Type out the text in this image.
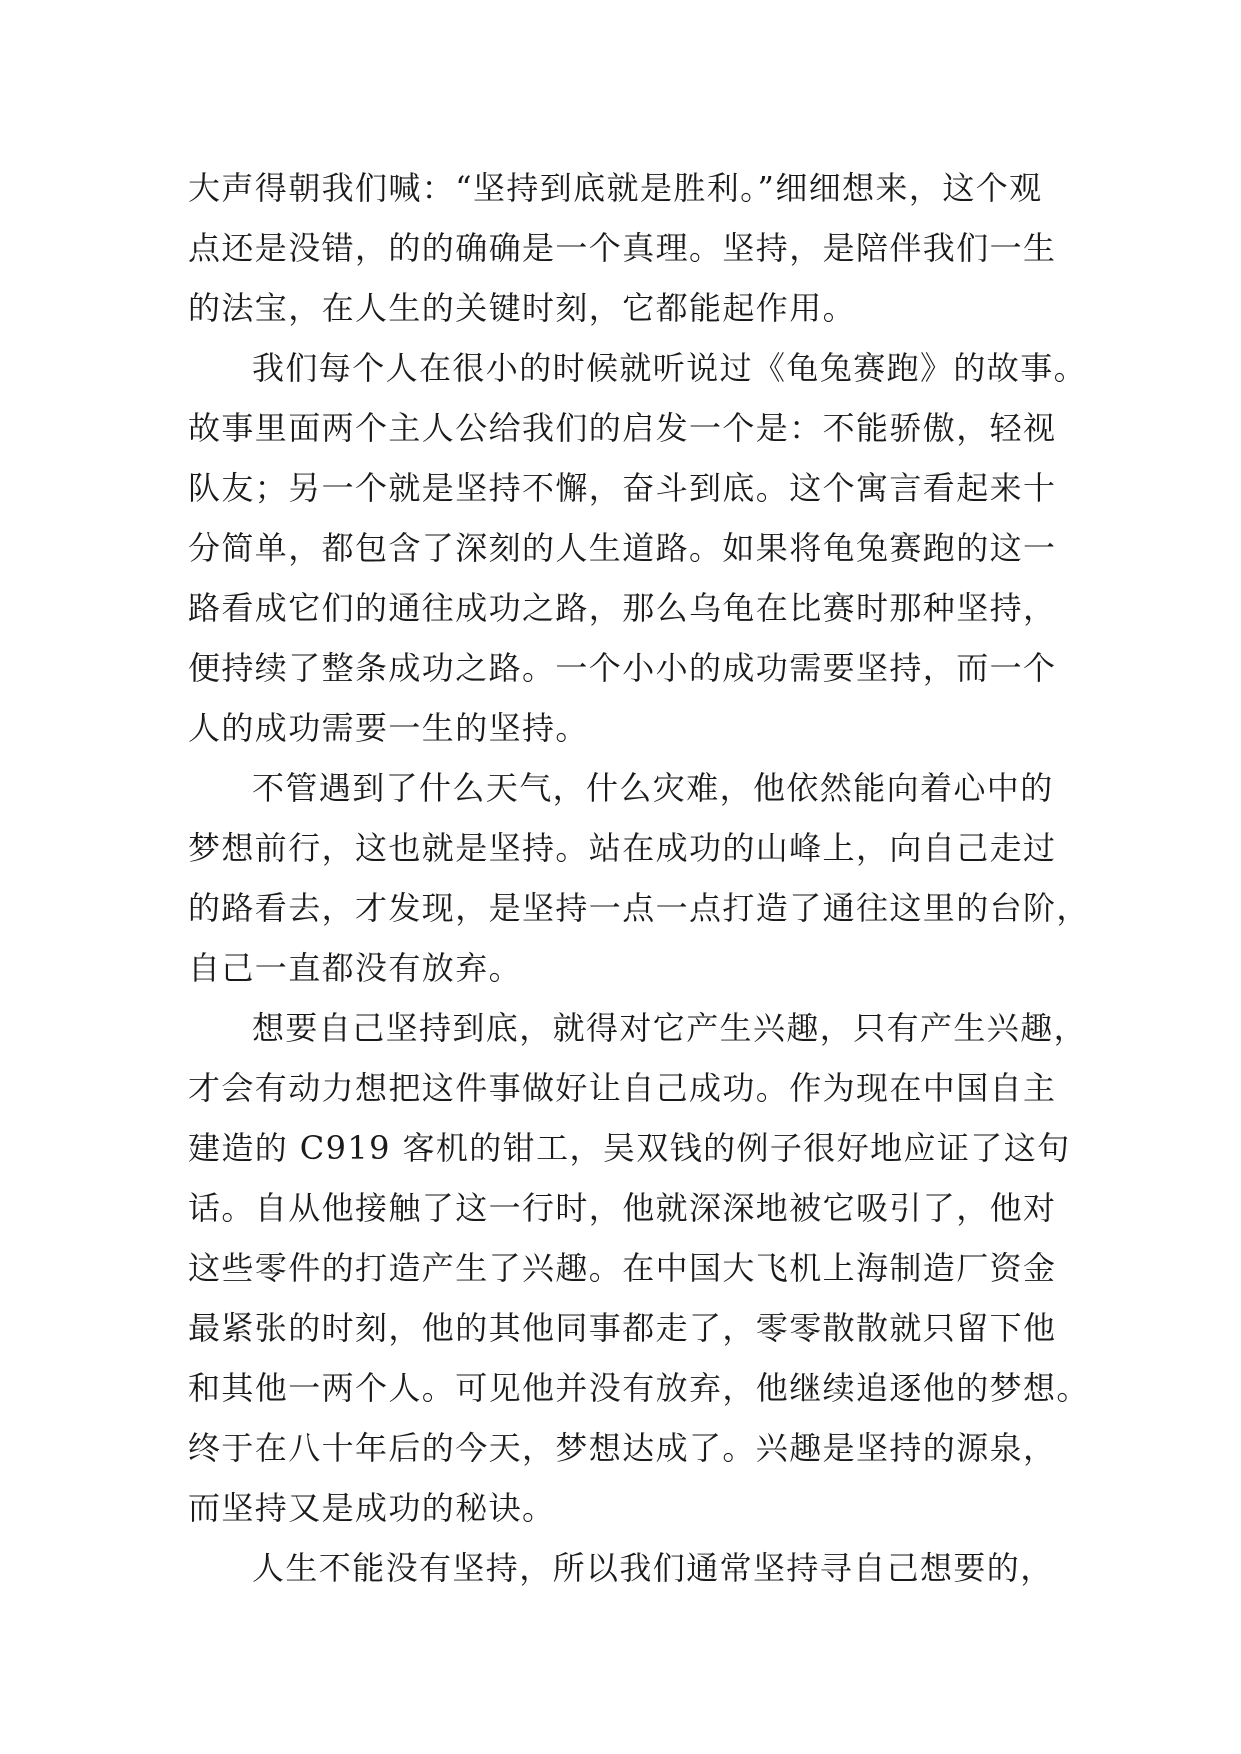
大声得朝我们喊：“坚持到底就是胜利。”细细想来，这个观
点还是没错，的的确确是一个真理。坚持，是陪伴我们一生
的法宝，在人生的关键时刻，它都能起作用。
我们每个人在很小的时候就听说过《龟兔赛跑》的故事。
故事里面两个主人公给我们的启发一个是：不能骄傲，轻视
队友；另一个就是坚持不懈，奋斗到底。这个寓言看起来十
分简单，都包含了深刻的人生道路。如果将龟兔赛跑的这一
路看成它们的通往成功之路，那么乌龟在比赛时那种坚持，
便持续了整条成功之路。一个小小的成功需要坚持，而一个
人的成功需要一生的坚持。
不管遇到了什么天气，什么灾难，他依然能向着心中的
梦想前行，这也就是坚持。站在成功的山峰上，向自己走过
的路看去，才发现，是坚持一点一点打造了通往这里的台阶，
自己一直都没有放弃。
想要自己坚持到底，就得对它产生兴趣，只有产生兴趣，
才会有动力想把这件事做好让自己成功。作为现在中国自主
建造的 C919 客机的钳工，吴双钱的例子很好地应证了这句
话。自从他接触了这一行时，他就深深地被它吸引了，他对
这些零件的打造产生了兴趣。在中国大飞机上海制造厂资金
最紧张的时刻，他的其他同事都走了，零零散散就只留下他
和其他一两个人。可见他并没有放弃，他继续追逐他的梦想。
终于在八十年后的今天，梦想达成了。兴趣是坚持的源泉，
而坚持又是成功的秘诀。
人生不能没有坚持，所以我们通常坚持寻自己想要的，
